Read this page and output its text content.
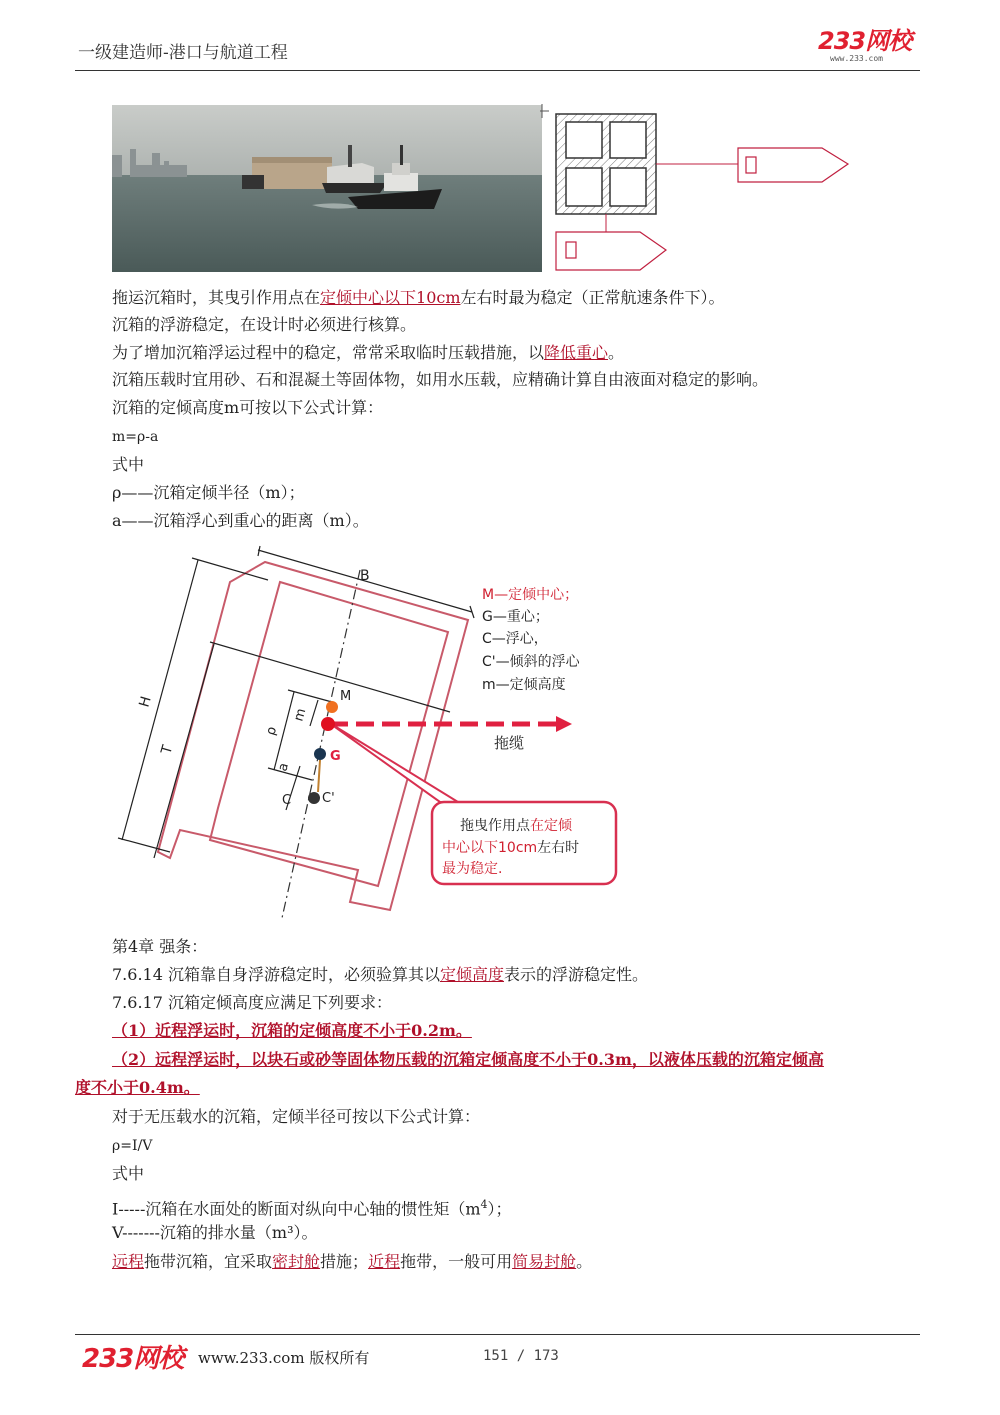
一级建造师-港口与航道工程	233网校
www.233.com
拖运沉箱时，其曳引作用点在定倾中心以下10cm左右时最为稳定（正常航速条件下）。
沉箱的浮游稳定，在设计时必须进行核算。
为了增加沉箱浮运过程中的稳定，常常采取临时压载措施，以降低重心。
沉箱压载时宜用砂、石和混凝土等固体物，如用水压载，应精确计算自由液面对稳定的影响。
沉箱的定倾高度m可按以下公式计算：
m=ρ-a
式中
ρ——沉箱定倾半径（m）；
a——沉箱浮心到重心的距离（m）。
B
H
T
ρ
m
a
M
G
C C'
M—定倾中心；
G—重心；
C—浮心，
C'—倾斜的浮心
m—定倾高度
拖缆
拖曳作用点在定倾
中心以下10cm左右时
最为稳定.
第4章 强条：
7.6.14 沉箱靠自身浮游稳定时，必须验算其以定倾高度表示的浮游稳定性。
7.6.17 沉箱定倾高度应满足下列要求：
（1）近程浮运时，沉箱的定倾高度不小于0.2m。
（2）远程浮运时，以块石或砂等固体物压载的沉箱定倾高度不小于0.3m，以液体压载的沉箱定倾高
度不小于0.4m。
对于无压载水的沉箱，定倾半径可按以下公式计算：
ρ=I/V
式中
I-----沉箱在水面处的断面对纵向中心轴的惯性矩$(m^4)$；
V-------沉箱的排水量（m³）。
远程拖带沉箱，宜采取密封舱措施；近程拖带，一般可用简易封舱。
233网校 www.233.com 版权所有	151 / 173
